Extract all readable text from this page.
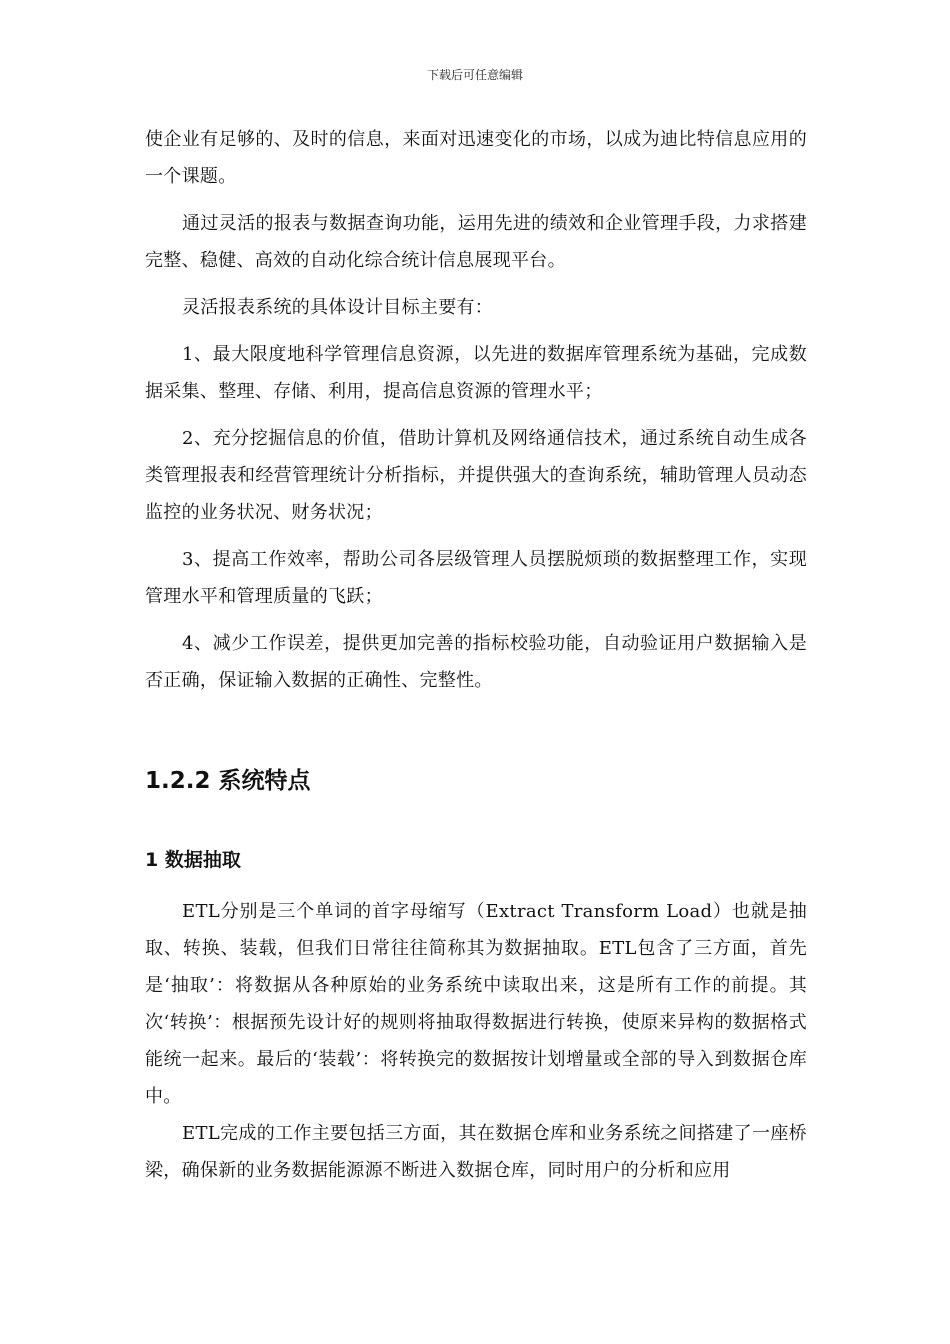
下载后可任意编辑

使企业有足够的、及时的信息，来面对迅速变化的市场，以成为迪比特信息应用的一个课题。

通过灵活的报表与数据查询功能，运用先进的绩效和企业管理手段，力求搭建完整、稳健、高效的自动化综合统计信息展现平台。

灵活报表系统的具体设计目标主要有：

1、最大限度地科学管理信息资源，以先进的数据库管理系统为基础，完成数据采集、整理、存储、利用，提高信息资源的管理水平；

2、充分挖掘信息的价值，借助计算机及网络通信技术，通过系统自动生成各类管理报表和经营管理统计分析指标，并提供强大的查询系统，辅助管理人员动态监控的业务状况、财务状况；

3、提高工作效率，帮助公司各层级管理人员摆脱烦琐的数据整理工作，实现管理水平和管理质量的飞跃；

4、减少工作误差，提供更加完善的指标校验功能，自动验证用户数据输入是否正确，保证输入数据的正确性、完整性。

1.2.2 系统特点
1 数据抽取

ETL分别是三个单词的首字母缩写（Extract Transform Load）也就是抽取、转换、装载，但我们日常往往简称其为数据抽取。ETL包含了三方面，首先是‘抽取’：将数据从各种原始的业务系统中读取出来，这是所有工作的前提。其次‘转换’：根据预先设计好的规则将抽取得数据进行转换，使原来异构的数据格式能统一起来。最后的‘装载’：将转换完的数据按计划增量或全部的导入到数据仓库中。

ETL完成的工作主要包括三方面，其在数据仓库和业务系统之间搭建了一座桥梁，确保新的业务数据能源源不断进入数据仓库，同时用户的分析和应用
